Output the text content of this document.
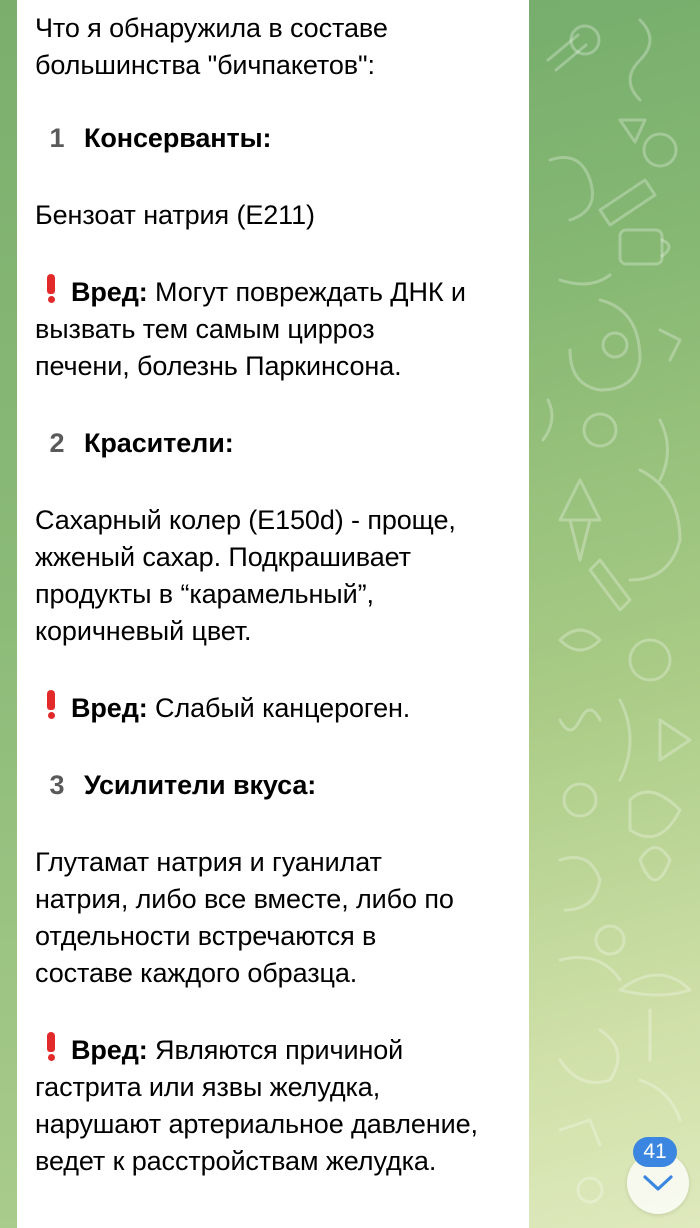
Что я обнаружила в составе

большинства "бичпакетов":

1 Консерванты:

Бензоат натрия (E211)

Вред: Могут повреждать ДНК и

вызвать тем самым цирроз

печени, болезнь Паркинсона.

2 Красители:

Сахарный колер (E150d) - проще,

жженый сахар. Подкрашивает

продукты в “карамельный”,

коричневый цвет.

Вред: Слабый канцероген.

3 Усилители вкуса:

Глутамат натрия и гуанилат

натрия, либо все вместе, либо по

отдельности встречаются в

составе каждого образца.

Вред: Являются причиной

гастрита или язвы желудка,

нарушают артериальное давление,

ведет к расстройствам желудка.	41
